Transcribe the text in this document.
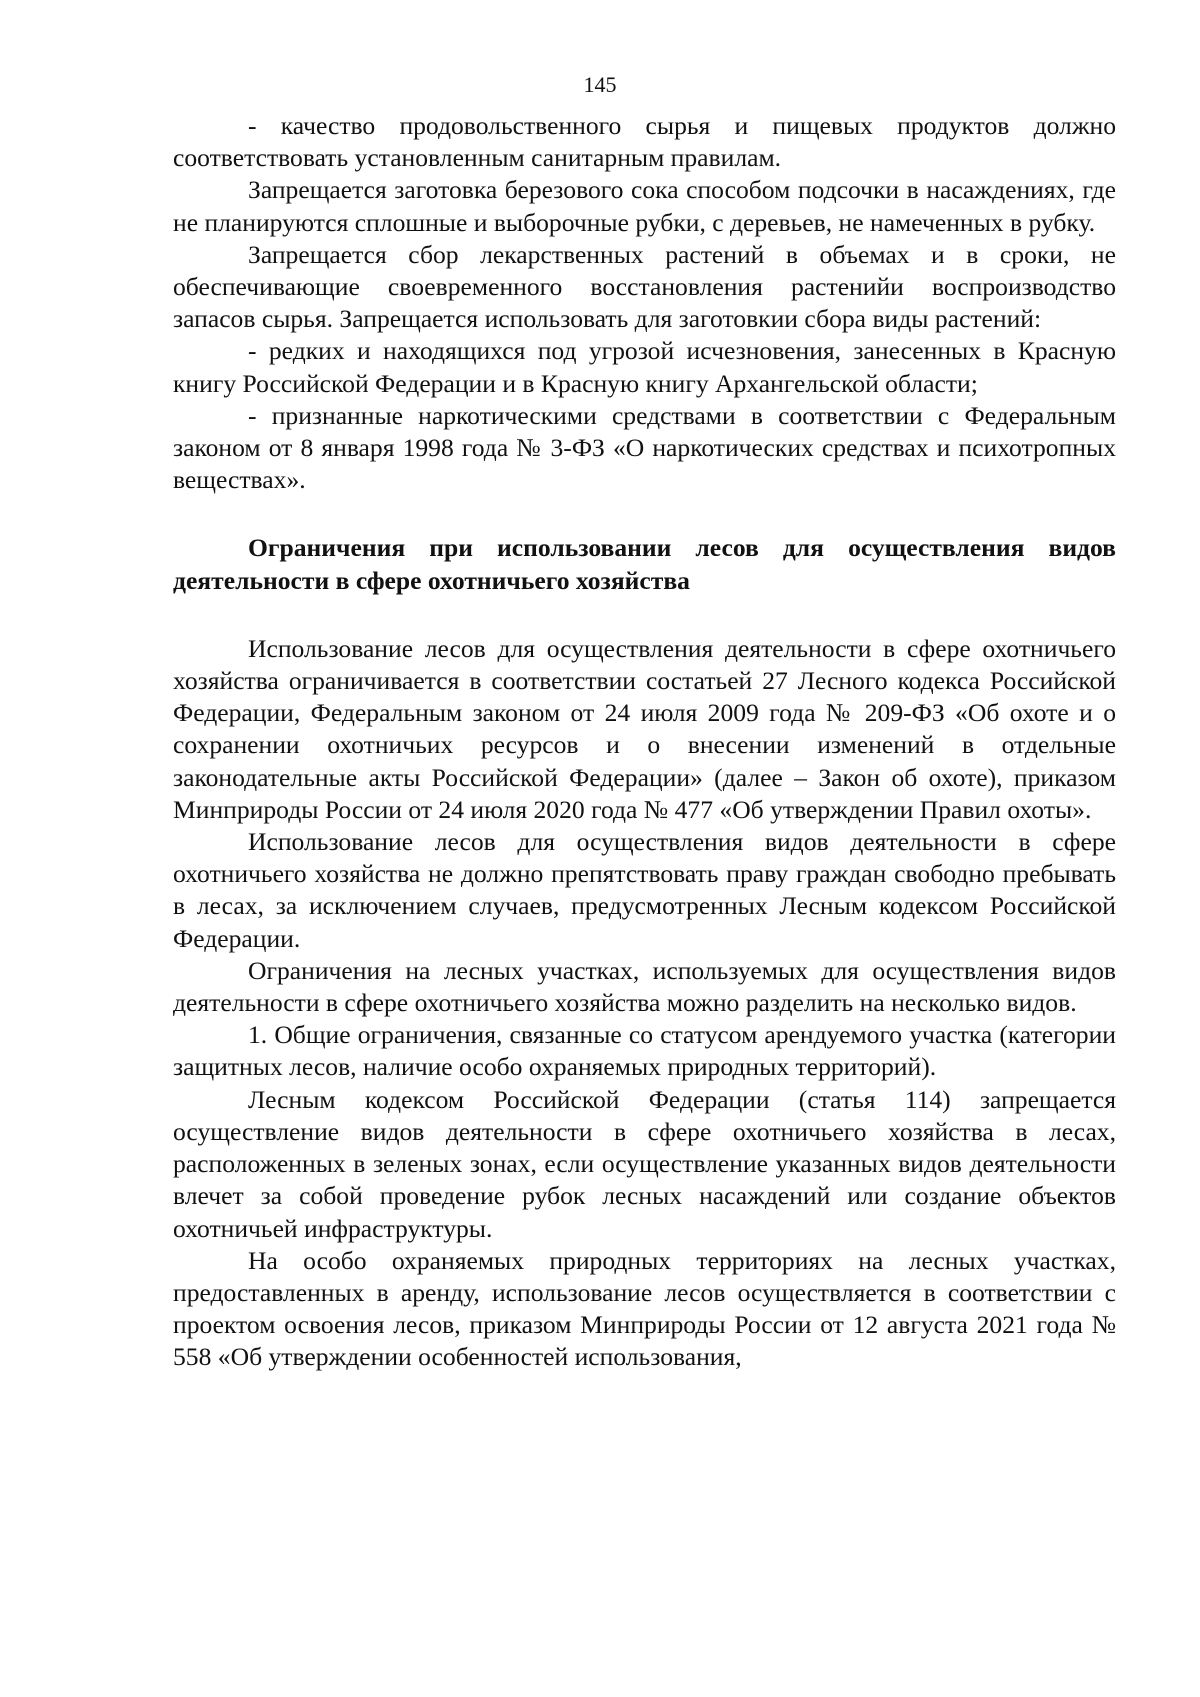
145

- качество продовольственного сырья и пищевых продуктов должно соответствовать установленным санитарным правилам.

Запрещается заготовка березового сока способом подсочки в насаждениях, где не планируются сплошные и выборочные рубки, с деревьев, не намеченных в рубку.

Запрещается сбор лекарственных растений в объемах и в сроки, не обеспечивающие своевременного восстановления растенийи воспроизводство запасов сырья. Запрещается использовать для заготовкии сбора виды растений:

- редких и находящихся под угрозой исчезновения, занесенных в Красную книгу Российской Федерации и в Красную книгу Архангельской области;

- признанные наркотическими средствами в соответствии с Федеральным законом от 8 января 1998 года № 3-ФЗ «О наркотических средствах и психотропных веществах».

Ограничения при использовании лесов для осуществления видов деятельности в сфере охотничьего хозяйства

Использование лесов для осуществления деятельности в сфере охотничьего хозяйства ограничивается в соответствии состатьей 27 Лесного кодекса Российской Федерации, Федеральным законом от 24 июля 2009 года № 209-ФЗ «Об охоте и о сохранении охотничьих ресурсов и о внесении изменений в отдельные законодательные акты Российской Федерации» (далее – Закон об охоте), приказом Минприроды России от 24 июля 2020 года № 477 «Об утверждении Правил охоты».

Использование лесов для осуществления видов деятельности в сфере охотничьего хозяйства не должно препятствовать праву граждан свободно пребывать в лесах, за исключением случаев, предусмотренных Лесным кодексом Российской Федерации.

Ограничения на лесных участках, используемых для осуществления видов деятельности в сфере охотничьего хозяйства можно разделить на несколько видов.

1. Общие ограничения, связанные со статусом арендуемого участка (категории защитных лесов, наличие особо охраняемых природных территорий).

Лесным кодексом Российской Федерации (статья 114) запрещается осуществление видов деятельности в сфере охотничьего хозяйства в лесах, расположенных в зеленых зонах, если осуществление указанных видов деятельности влечет за собой проведение рубок лесных насаждений или создание объектов охотничьей инфраструктуры.

На особо охраняемых природных территориях на лесных участках, предоставленных в аренду, использование лесов осуществляется в соответствии с проектом освоения лесов, приказом Минприроды России от 12 августа 2021 года № 558 «Об утверждении особенностей использования,
